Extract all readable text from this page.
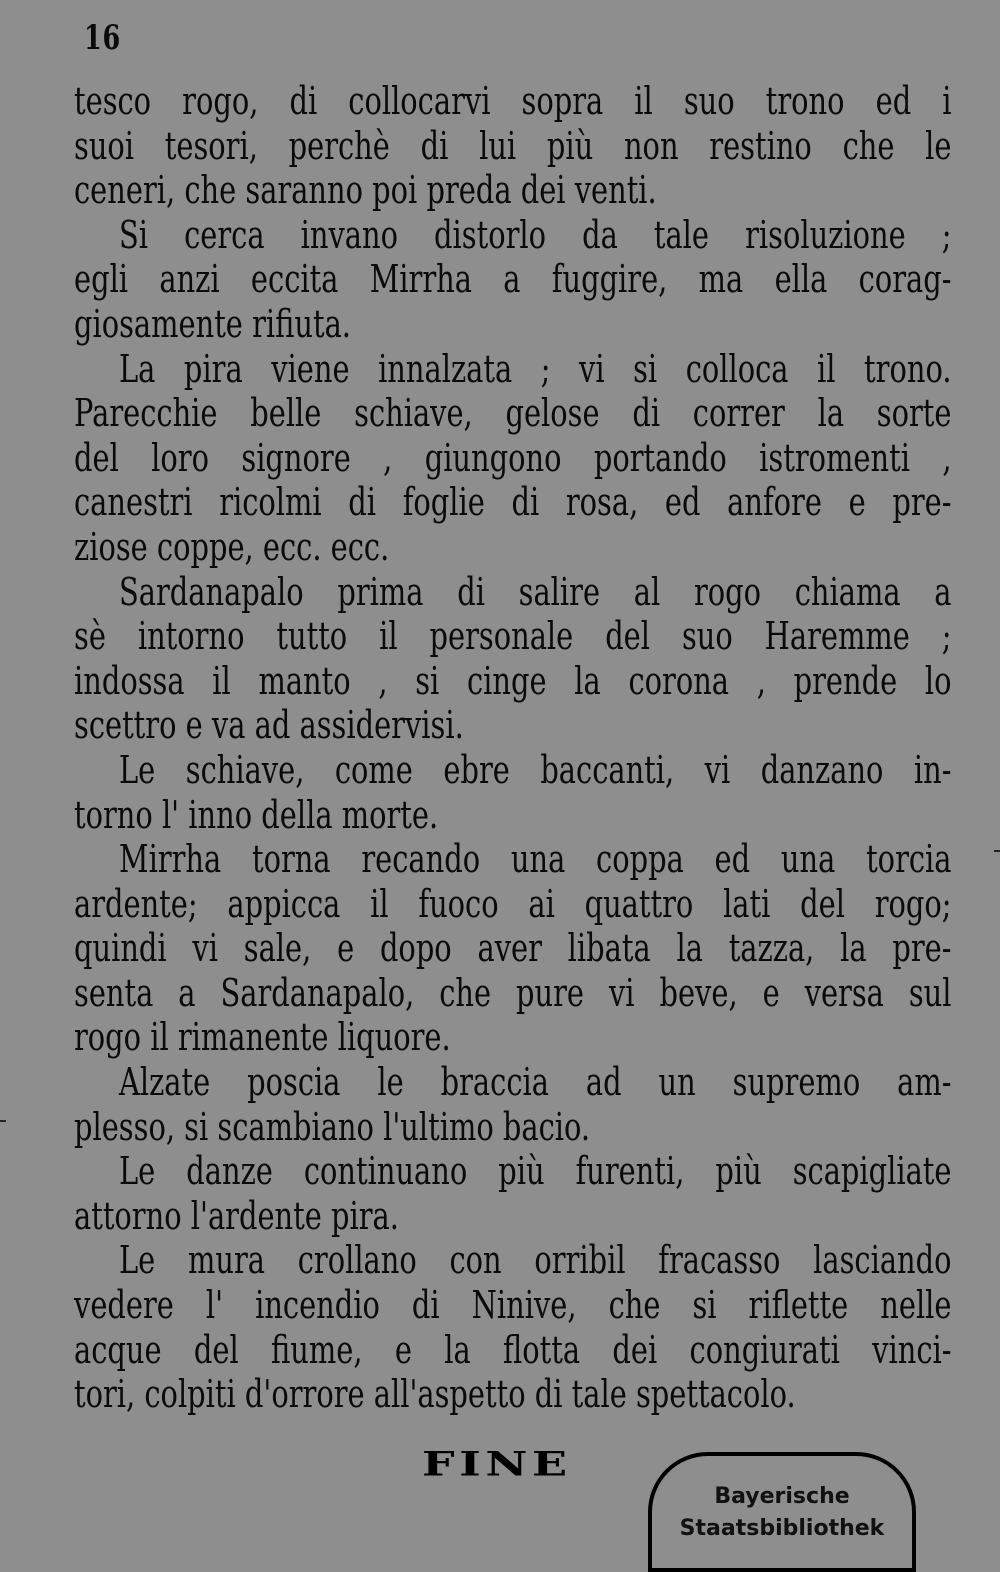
16
tesco rogo, di collocarvi sopra il suo trono ed i
suoi tesori, perchè di lui più non restino che le
ceneri, che saranno poi preda dei venti.
Si cerca invano distorlo da tale risoluzione ;
egli anzi eccita Mirrha a fuggire, ma ella corag-
giosamente rifiuta.
La pira viene innalzata ; vi si colloca il trono.
Parecchie belle schiave, gelose di correr la sorte
del loro signore , giungono portando istromenti ,
canestri ricolmi di foglie di rosa, ed anfore e pre-
ziose coppe, ecc. ecc.
Sardanapalo prima di salire al rogo chiama a
sè intorno tutto il personale del suo Haremme ;
indossa il manto , si cinge la corona , prende lo
scettro e va ad assidervisi.
Le schiave, come ebre baccanti, vi danzano in-
torno l' inno della morte.
Mirrha torna recando una coppa ed una torcia
ardente; appicca il fuoco ai quattro lati del rogo;
quindi vi sale, e dopo aver libata la tazza, la pre-
senta a Sardanapalo, che pure vi beve, e versa sul
rogo il rimanente liquore.
Alzate poscia le braccia ad un supremo am-
plesso, si scambiano l'ultimo bacio.
Le danze continuano più furenti, più scapigliate
attorno l'ardente pira.
Le mura crollano con orribil fracasso lasciando
vedere l' incendio di Ninive, che si riflette nelle
acque del fiume, e la flotta dei congiurati vinci-
tori, colpiti d'orrore all'aspetto di tale spettacolo.
FINE
Bayerische
Staatsbibliothek
